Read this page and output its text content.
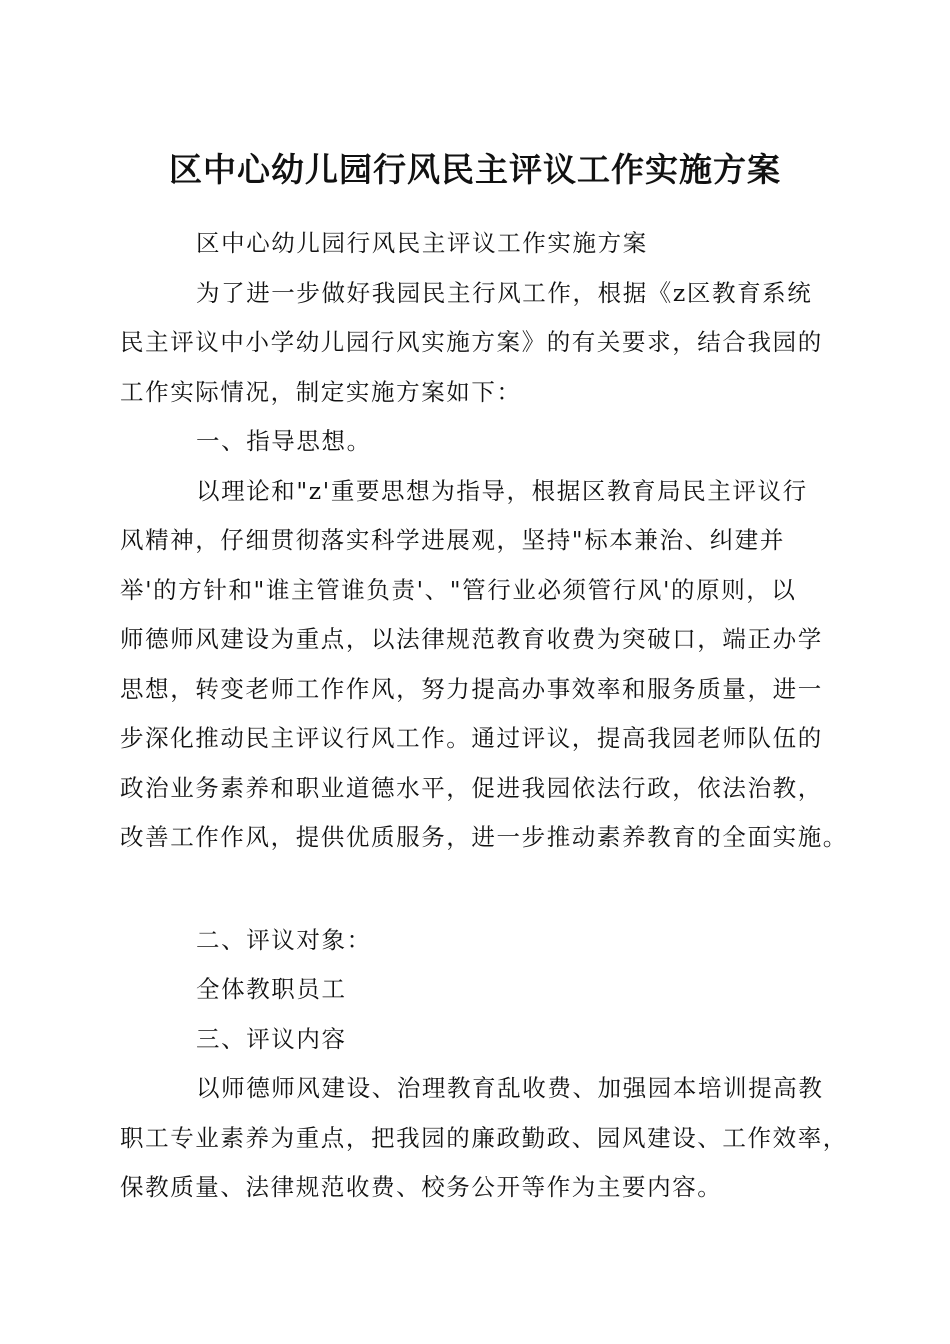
区中心幼儿园行风民主评议工作实施方案
区中心幼儿园行风民主评议工作实施方案
为了进一步做好我园民主行风工作，根据《z区教育系统
民主评议中小学幼儿园行风实施方案》的有关要求，结合我园的
工作实际情况，制定实施方案如下：
一、指导思想。
以理论和"z'重要思想为指导，根据区教育局民主评议行
风精神，仔细贯彻落实科学进展观，坚持"标本兼治、纠建并
举'的方针和"谁主管谁负责'、"管行业必须管行风'的原则，以
师德师风建设为重点，以法律规范教育收费为突破口，端正办学
思想，转变老师工作作风，努力提高办事效率和服务质量，进一
步深化推动民主评议行风工作。通过评议，提高我园老师队伍的
政治业务素养和职业道德水平，促进我园依法行政，依法治教，
改善工作作风，提供优质服务，进一步推动素养教育的全面实施。
二、评议对象：
全体教职员工
三、评议内容
以师德师风建设、治理教育乱收费、加强园本培训提高教
职工专业素养为重点，把我园的廉政勤政、园风建设、工作效率，
保教质量、法律规范收费、校务公开等作为主要内容。
